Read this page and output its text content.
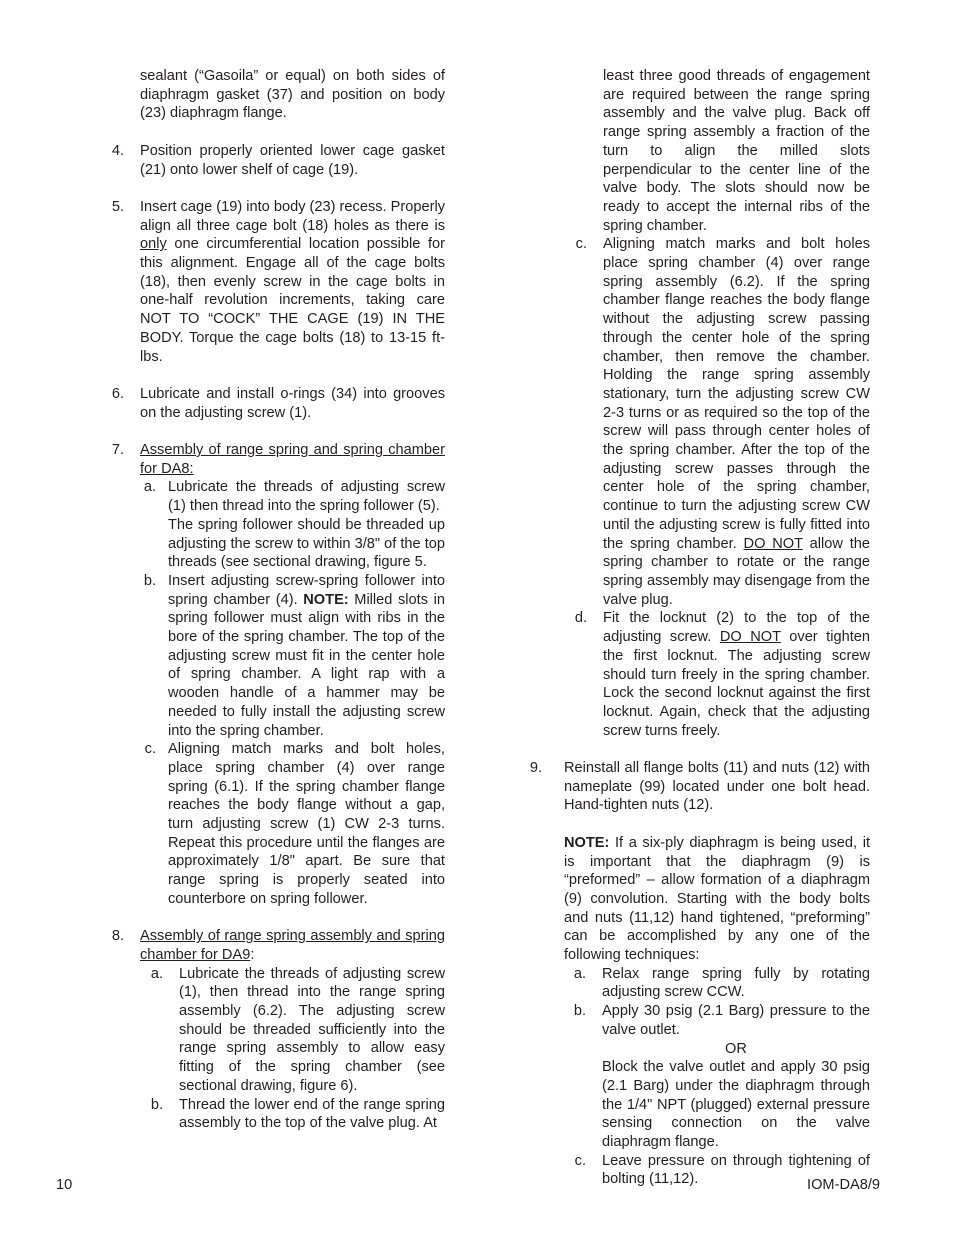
sealant (“Gasoila” or equal) on both sides of diaphragm gasket (37) and position on body (23) diaphragm flange.
4. Position properly oriented lower cage gasket (21) onto lower shelf of cage (19).
5. Insert cage (19) into body (23) recess. Properly align all three cage bolt (18) holes as there is only one circumferential location possible for this alignment. Engage all of the cage bolts (18), then evenly screw in the cage bolts in one-half revolution increments, taking care NOT TO “COCK” THE CAGE (19) IN THE BODY. Torque the cage bolts (18) to 13-15 ft-lbs.
6. Lubricate and install o-rings (34) into grooves on the adjusting screw (1).
7. Assembly of range spring and spring chamber for DA8:
a. Lubricate the threads of adjusting screw (1) then thread into the spring follower (5).
The spring follower should be threaded up adjusting the screw to within 3/8" of the top threads (see sectional drawing, figure 5.
b. Insert adjusting screw-spring follower into spring chamber (4). NOTE: Milled slots in spring follower must align with ribs in the bore of the spring chamber. The top of the adjusting screw must fit in the center hole of spring chamber. A light rap with a wooden handle of a hammer may be needed to fully install the adjusting screw into the spring chamber.
c. Aligning match marks and bolt holes, place spring chamber (4) over range spring (6.1). If the spring chamber flange reaches the body flange without a gap, turn adjusting screw (1) CW 2-3 turns. Repeat this procedure until the flanges are approximately 1/8" apart. Be sure that range spring is properly seated into counterbore on spring follower.
8. Assembly of range spring assembly and spring chamber for DA9:
a. Lubricate the threads of adjusting screw (1), then thread into the range spring assembly (6.2). The adjusting screw should be threaded sufficiently into the range spring assembly to allow easy fitting of the spring chamber (see sectional drawing, figure 6).
b. Thread the lower end of the range spring assembly to the top of the valve plug. At
least three good threads of engagement are required between the range spring assembly and the valve plug. Back off range spring assembly a fraction of the turn to align the milled slots perpendicular to the center line of the valve body. The slots should now be ready to accept the internal ribs of the spring chamber.
c. Aligning match marks and bolt holes place spring chamber (4) over range spring assembly (6.2). If the spring chamber flange reaches the body flange without the adjusting screw passing through the center hole of the spring chamber, then remove the chamber. Holding the range spring assembly stationary, turn the adjusting screw CW 2-3 turns or as required so the top of the screw will pass through center holes of the spring chamber. After the top of the adjusting screw passes through the center hole of the spring chamber, continue to turn the adjusting screw CW until the adjusting screw is fully fitted into the spring chamber. DO NOT allow the spring chamber to rotate or the range spring assembly may disengage from the valve plug.
d. Fit the locknut (2) to the top of the adjusting screw. DO NOT over tighten the first locknut. The adjusting screw should turn freely in the spring chamber. Lock the second locknut against the first locknut. Again, check that the adjusting screw turns freely.
9. Reinstall all flange bolts (11) and nuts (12) with nameplate (99) located under one bolt head. Hand-tighten nuts (12).
NOTE: If a six-ply diaphragm is being used, it is important that the diaphragm (9) is “preformed” – allow formation of a diaphragm (9) convolution. Starting with the body bolts and nuts (11,12) hand tightened, “preforming” can be accomplished by any one of the following techniques:
a. Relax range spring fully by rotating adjusting screw CCW.
b. Apply 30 psig (2.1 Barg) pressure to the valve outlet.
OR
Block the valve outlet and apply 30 psig (2.1 Barg) under the diaphragm through the 1/4" NPT (plugged) external pressure sensing connection on the valve diaphragm flange.
c. Leave pressure on through tightening of bolting (11,12).
10	IOM-DA8/9
